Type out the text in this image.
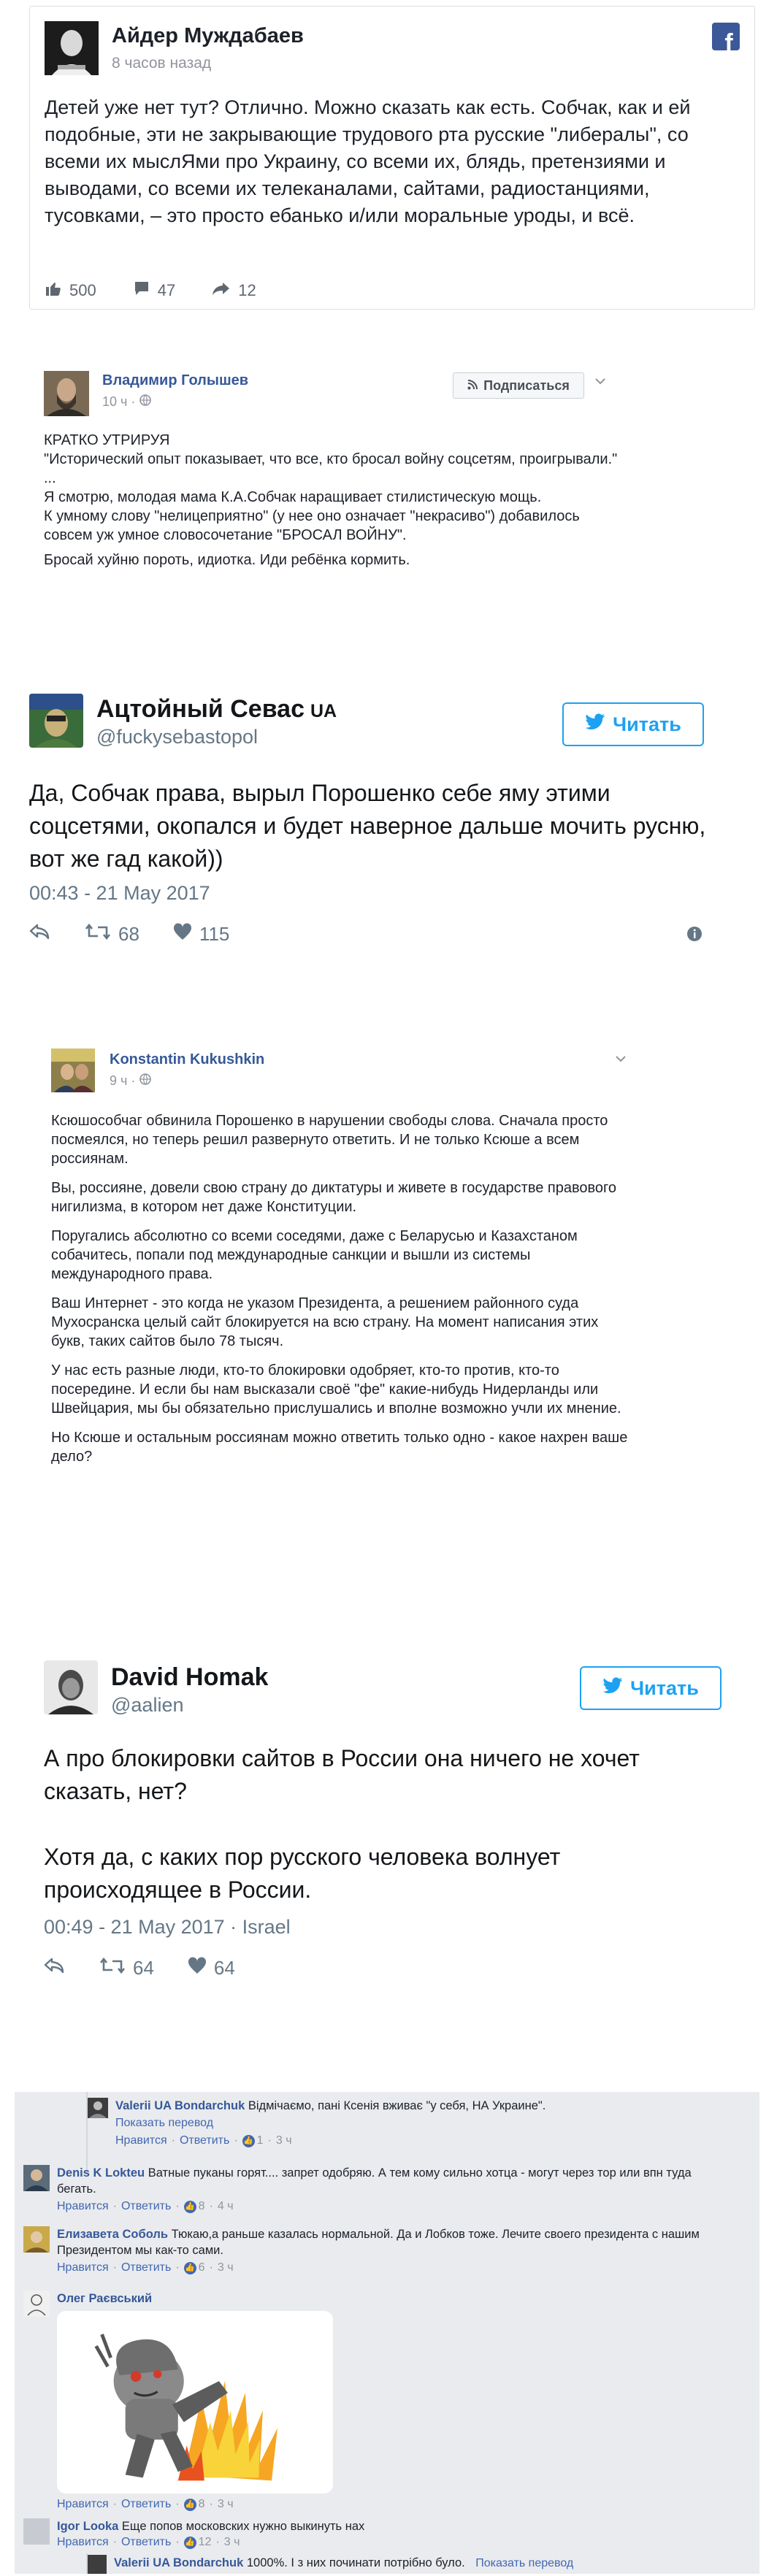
Айдер Муждабаев
8 часов назад
f
Детей уже нет тут? Отлично. Можно сказать как есть. Собчак, как и ей подобные, эти не закрывающие трудового рта русские "либералы", со всеми их мыслЯми про Украину, со всеми их, блядь, претензиями и выводами, со всеми их телеканалами, сайтами, радиостанциями, тусовками, – это просто ебанько и/или моральные уроды, и всё.
500	47	12
Владимир Голышев
10 ч ·
Подписаться
КРАТКО УТРИРУЯ
"Исторический опыт показывает, что все, кто бросал войну соцсетям, проигрывали."
...
Я смотрю, молодая мама К.А.Собчак наращивает стилистическую мощь.
К умному слову "нелицеприятно" (у нее оно означает "некрасиво") добавилось совсем уж умное словосочетание "БРОСАЛ ВОЙНУ".
Бросай хуйню пороть, идиотка. Иди ребёнка кормить.
Ацтойный Севас UA
@fuckysebastopol
Читать
Да, Собчак права, вырыл Порошенко себе яму этими соцсетями, окопался и будет наверное дальше мочить русню, вот же гад какой))
00:43 - 21 May 2017
68	115
Konstantin Kukushkin
9 ч ·

Ксюшособчаг обвинила Порошенко в нарушении свободы слова. Сначала просто посмеялся, но теперь решил развернуто ответить. И не только Ксюше а всем россиянам.

Вы, россияне, довели свою страну до диктатуры и живете в государстве правового нигилизма, в котором нет даже Конституции.

Поругались абсолютно со всеми соседями, даже с Беларусью и Казахстаном собачитесь, попали под международные санкции и вышли из системы международного права.

Ваш Интернет - это когда не указом Президента, а решением районного суда Мухосранска целый сайт блокируется на всю страну. На момент написания этих букв, таких сайтов было 78 тысяч.

У нас есть разные люди, кто-то блокировки одобряет, кто-то против, кто-то посередине. И если бы нам высказали своё "фе" какие-нибудь Нидерланды или Швейцария, мы бы обязательно прислушались и вполне возможно учли их мнение.

Но Ксюше и остальным россиянам можно ответить только одно - какое нахрен ваше дело?

David Homak
@aalien
Читать
А про блокировки сайтов в России она ничего не хочет сказать, нет?
Хотя да, с каких пор русского человека волнует происходящее в России.
00:49 - 21 May 2017 · Israel
64	64
Valerii UA Bondarchuk Відмічаємо, пані Ксенія вживає "у себя, НА Украине".
Показать перевод
Нравится · Ответить · 👍 1 · 3 ч
Denis K Lokteu Ватные пуканы горят.... запрет одобряю. А тем кому сильно хотца - могут через тор или впн туда бегать.
Нравится · Ответить · 👍 8 · 4 ч
Елизавета Соболь Тюкаю,а раньше казалась нормальной. Да и Лобков тоже. Лечите своего президента с нашим Президентом мы как-то сами.
Нравится · Ответить · 👍 6 · 3 ч
Олег Раєвський
Нравится · Ответить · 👍 8 · 3 ч
Igor Looka Еще попов московских нужно выкинуть нах
Нравится · Ответить · 👍 12 · 3 ч
Valerii UA Bondarchuk 1000%. І з них починати потрібно було. Показать перевод
